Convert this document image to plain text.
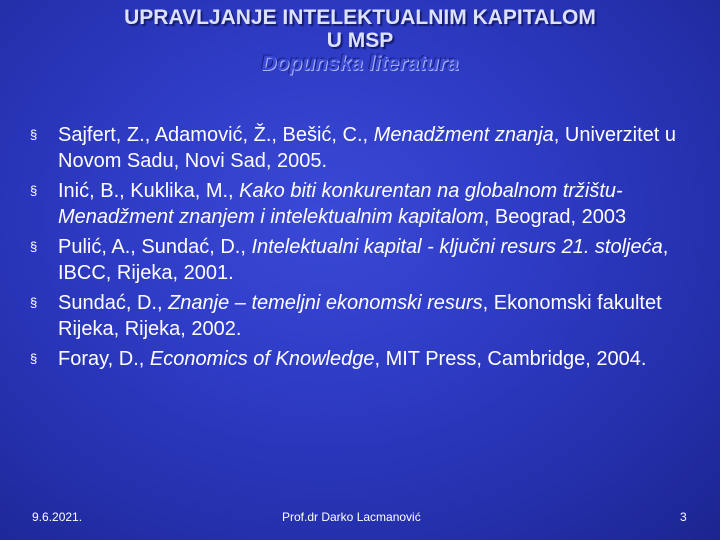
UPRAVLJANJE INTELEKTUALNIM KAPITALOM
U MSP
Dopunska literatura
§ Sajfert, Z., Adamović, Ž., Bešić, C., Menadžment znanja, Univerzitet u Novom Sadu, Novi Sad, 2005.
§ Inić, B., Kuklika, M., Kako biti konkurentan na globalnom tržištu-Menadžment znanjem i intelektualnim kapitalom, Beograd, 2003
§ Pulić, A., Sundać, D., Intelektualni kapital - ključni resurs 21. stoljeća, IBCC, Rijeka, 2001.
§ Sundać, D., Znanje – temeljni ekonomski resurs, Ekonomski fakultet Rijeka, Rijeka, 2002.
§ Foray, D., Economics of Knowledge, MIT Press, Cambridge, 2004.
9.6.2021.	Prof.dr Darko Lacmanović	3
